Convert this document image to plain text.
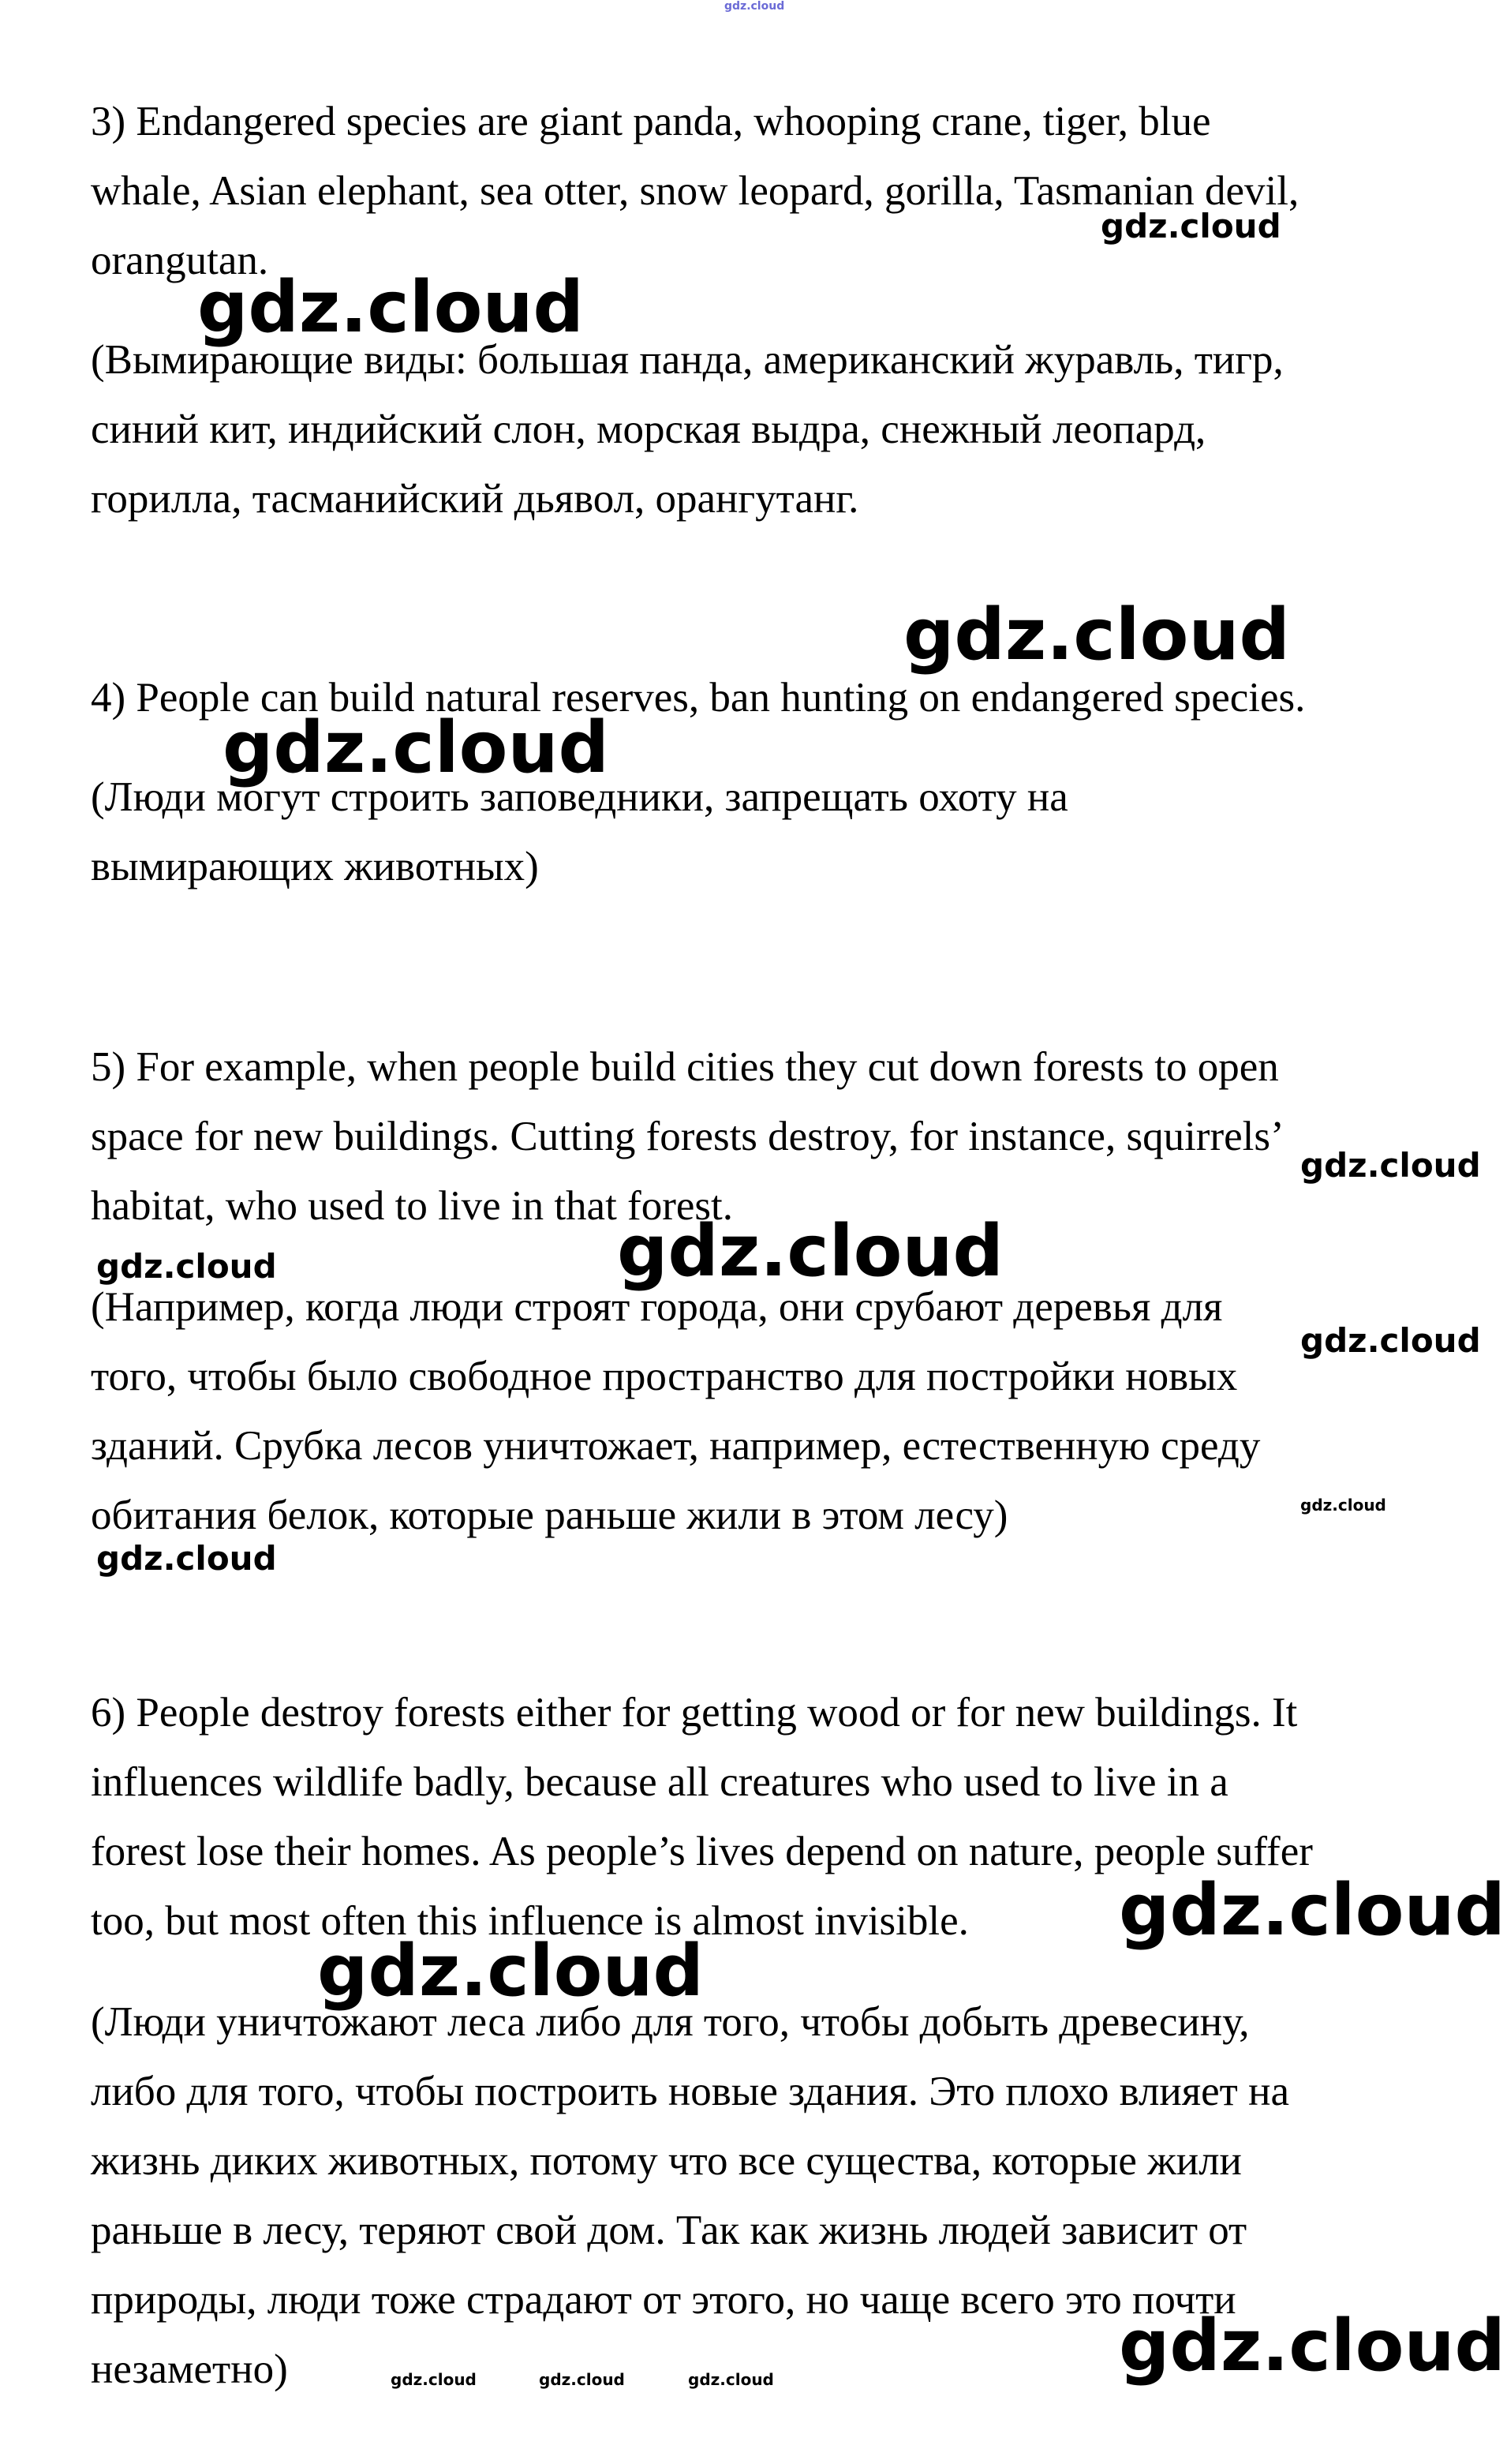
gdz.cloud
gdz.cloud
gdz.cloud
gdz.cloud
gdz.cloud
gdz.cloud
gdz.cloud
gdz.cloud
gdz.cloud
gdz.cloud
gdz.cloud
gdz.cloud
gdz.cloud
gdz.cloud
gdz.cloud	gdz.cloud	gdz.cloud
3) Endangered species are giant panda, whooping crane, tiger, blue
whale, Asian elephant, sea otter, snow leopard, gorilla, Tasmanian devil,
orangutan.
(Вымирающие виды: большая панда, американский журавль, тигр,
синий кит, индийский слон, морская выдра, снежный леопард,
горилла, тасманийский дьявол, орангутанг.
4) People can build natural reserves, ban hunting on endangered species.
(Люди могут строить заповедники, запрещать охоту на
вымирающих животных)
5) For example, when people build cities they cut down forests to open
space for new buildings. Cutting forests destroy, for instance, squirrels’
habitat, who used to live in that forest.
(Например, когда люди строят города, они срубают деревья для
того, чтобы было свободное пространство для постройки новых
зданий. Срубка лесов уничтожает, например, естественную среду
обитания белок, которые раньше жили в этом лесу)
6) People destroy forests either for getting wood or for new buildings. It
influences wildlife badly, because all creatures who used to live in a
forest lose their homes. As people’s lives depend on nature, people suffer
too, but most often this influence is almost invisible.
(Люди уничтожают леса либо для того, чтобы добыть древесину,
либо для того, чтобы построить новые здания. Это плохо влияет на
жизнь диких животных, потому что все существа, которые жили
раньше в лесу, теряют свой дом. Так как жизнь людей зависит от
природы, люди тоже страдают от этого, но чаще всего это почти
незаметно)
